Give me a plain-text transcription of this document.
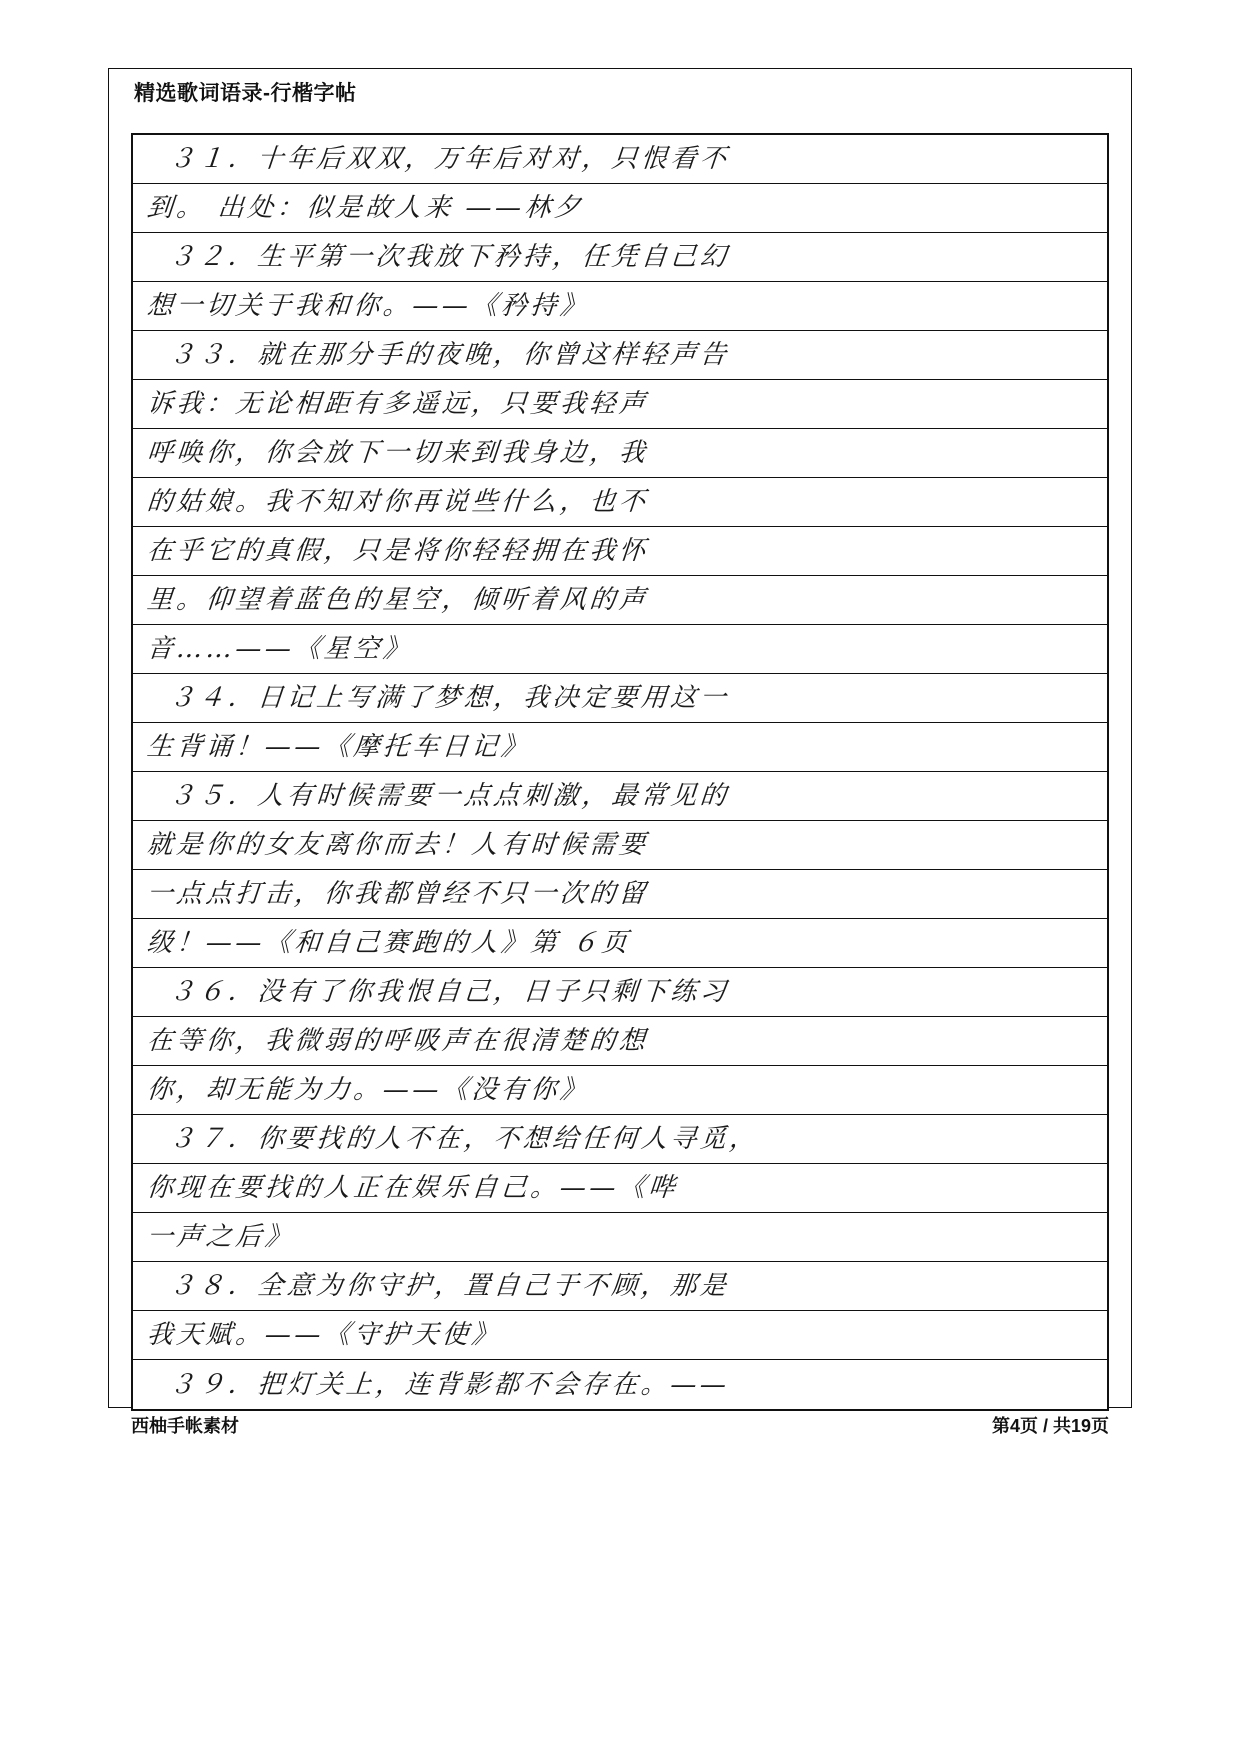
精选歌词语录-行楷字帖
３１．十年后双双，万年后对对，只恨看不
到。 出处：似是故人来 ——林夕
３２．生平第一次我放下矜持，任凭自己幻
想一切关于我和你。——《矜持》
３３．就在那分手的夜晚，你曾这样轻声告
诉我：无论相距有多遥远，只要我轻声
呼唤你，你会放下一切来到我身边，我
的姑娘。我不知对你再说些什么，也不
在乎它的真假，只是将你轻轻拥在我怀
里。仰望着蓝色的星空，倾听着风的声
音……——《星空》
３４．日记上写满了梦想，我决定要用这一
生背诵！——《摩托车日记》
３５．人有时候需要一点点刺激，最常见的
就是你的女友离你而去！人有时候需要
一点点打击，你我都曾经不只一次的留
级！——《和自己赛跑的人》第 ６页
３６．没有了你我恨自己，日子只剩下练习
在等你，我微弱的呼吸声在很清楚的想
你，却无能为力。——《没有你》
３７．你要找的人不在，不想给任何人寻觅，
你现在要找的人正在娱乐自己。——《哔
一声之后》
３８．全意为你守护，置自己于不顾，那是
我天赋。——《守护天使》
３９．把灯关上，连背影都不会存在。——
西柚手帐素材	第4页 / 共19页
